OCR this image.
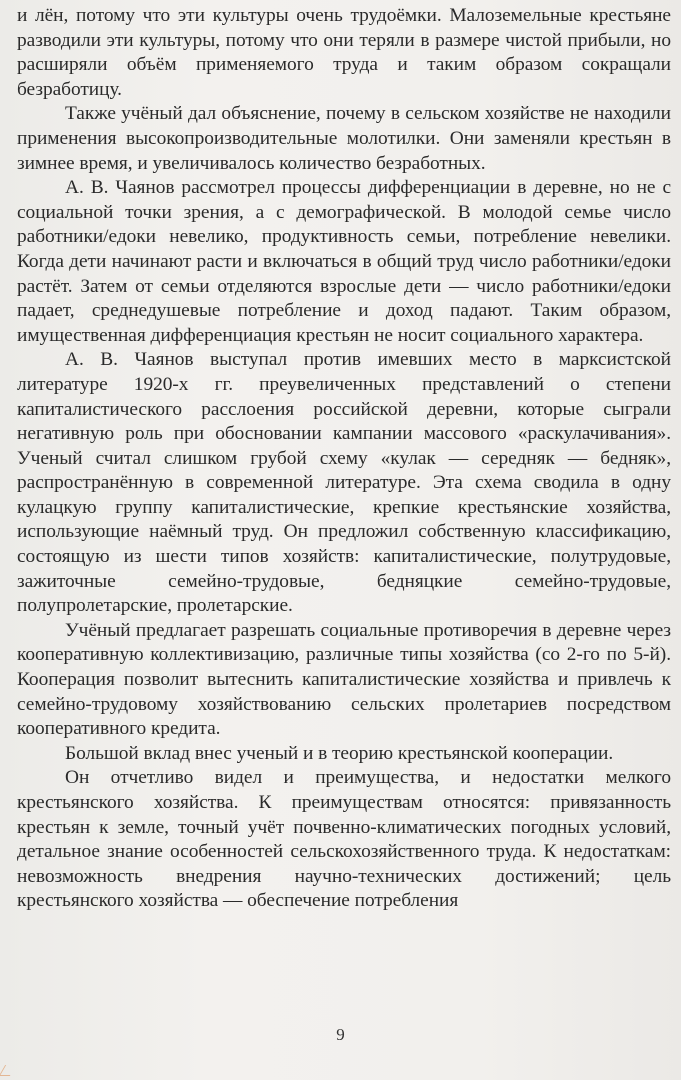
и лён, потому что эти культуры очень трудоёмки. Малоземельные крестьяне разводили эти культуры, потому что они теряли в размере чистой прибыли, но расширяли объём применяемого труда и таким образом сокращали безработицу.

Также учёный дал объяснение, почему в сельском хозяйстве не находили применения высокопроизводительные молотилки. Они заменяли крестьян в зимнее время, и увеличивалось количество безработных.

А. В. Чаянов рассмотрел процессы дифференциации в деревне, но не с социальной точки зрения, а с демографической. В молодой семье число работники/едоки невелико, продуктивность семьи, потребление невелики. Когда дети начинают расти и включаться в общий труд число работники/едоки растёт. Затем от семьи отделяются взрослые дети — число работники/едоки падает, среднедушевые потребление и доход падают. Таким образом, имущественная дифференциация крестьян не носит социального характера.

А. В. Чаянов выступал против имевших место в марксистской литературе 1920-х гг. преувеличенных представлений о степени капиталистического расслоения российской деревни, которые сыграли негативную роль при обосновании кампании массового «раскулачивания». Ученый считал слишком грубой схему «кулак — середняк — бедняк», распространённую в современной литературе. Эта схема сводила в одну кулацкую группу капиталистические, крепкие крестьянские хозяйства, использующие наёмный труд. Он предложил собственную классификацию, состоящую из шести типов хозяйств: капиталистические, полутрудовые, зажиточные семейно-трудовые, бедняцкие семейно-трудовые, полупролетарские, пролетарские.

Учёный предлагает разрешать социальные противоречия в деревне через кооперативную коллективизацию, различные типы хозяйства (со 2-го по 5-й). Кооперация позволит вытеснить капиталистические хозяйства и привлечь к семейно-трудовому хозяйствованию сельских пролетариев посредством кооперативного кредита.

Большой вклад внес ученый и в теорию крестьянской кооперации.

Он отчетливо видел и преимущества, и недостатки мелкого крестьянского хозяйства. К преимуществам относятся: привязанность крестьян к земле, точный учёт почвенно-климатических погодных условий, детальное знание особенностей сельскохозяйственного труда. К недостаткам: невозможность внедрения научно-технических достижений; цель крестьянского хозяйства — обеспечение потребления

9
